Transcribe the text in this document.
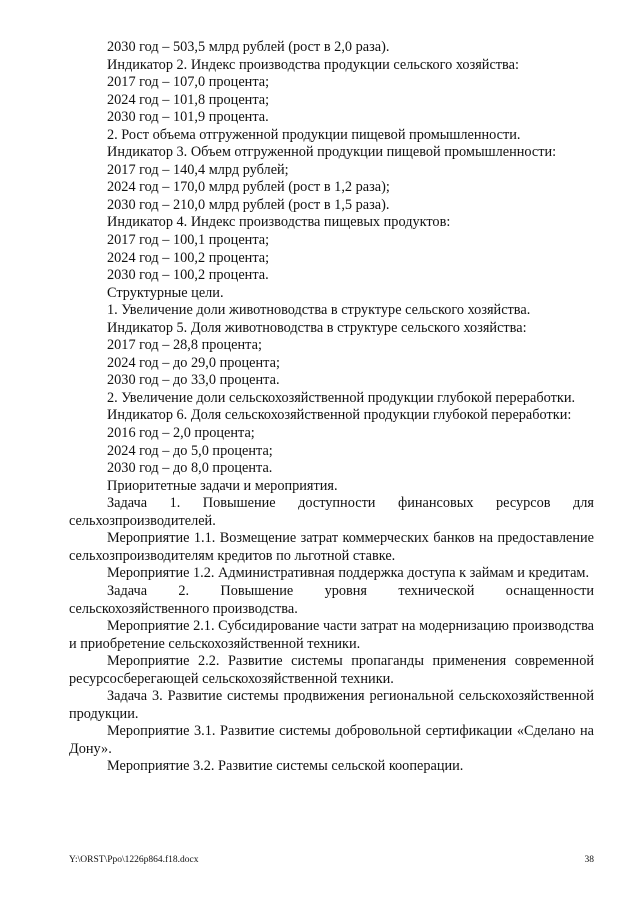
2030 год – 503,5 млрд рублей (рост в 2,0 раза).

Индикатор 2. Индекс производства продукции сельского хозяйства:

2017 год – 107,0 процента;

2024 год – 101,8 процента;

2030 год – 101,9 процента.

2. Рост объема отгруженной продукции пищевой промышленности.

Индикатор 3. Объем отгруженной продукции пищевой промышленности:

2017 год – 140,4 млрд рублей;

2024 год – 170,0 млрд рублей (рост в 1,2 раза);

2030 год – 210,0 млрд рублей (рост в 1,5 раза).

Индикатор 4. Индекс производства пищевых продуктов:

2017 год – 100,1 процента;

2024 год – 100,2 процента;

2030 год – 100,2 процента.

Структурные цели.

1. Увеличение доли животноводства в структуре сельского хозяйства.

Индикатор 5. Доля животноводства в структуре сельского хозяйства:

2017 год – 28,8 процента;

2024 год – до 29,0 процента;

2030 год – до 33,0 процента.

2. Увеличение доли сельскохозяйственной продукции глубокой переработки.

Индикатор 6. Доля сельскохозяйственной продукции глубокой переработки:

2016 год – 2,0 процента;

2024 год – до 5,0 процента;

2030 год – до 8,0 процента.

Приоритетные задачи и мероприятия.

Задача 1. Повышение доступности финансовых ресурсов для сельхозпроизводителей.

Мероприятие 1.1. Возмещение затрат коммерческих банков на предоставление сельхозпроизводителям кредитов по льготной ставке.

Мероприятие 1.2. Административная поддержка доступа к займам и кредитам.

Задача 2. Повышение уровня технической оснащенности сельскохозяйственного производства.

Мероприятие 2.1. Субсидирование части затрат на модернизацию производства и приобретение сельскохозяйственной техники.

Мероприятие 2.2. Развитие системы пропаганды применения современной ресурсосберегающей сельскохозяйственной техники.

Задача 3. Развитие системы продвижения региональной сельскохозяйственной продукции.

Мероприятие 3.1. Развитие системы добровольной сертификации «Сделано на Дону».

Мероприятие 3.2. Развитие системы сельской кооперации.

Y:\ORST\Ppo\1226p864.f18.docx	38
